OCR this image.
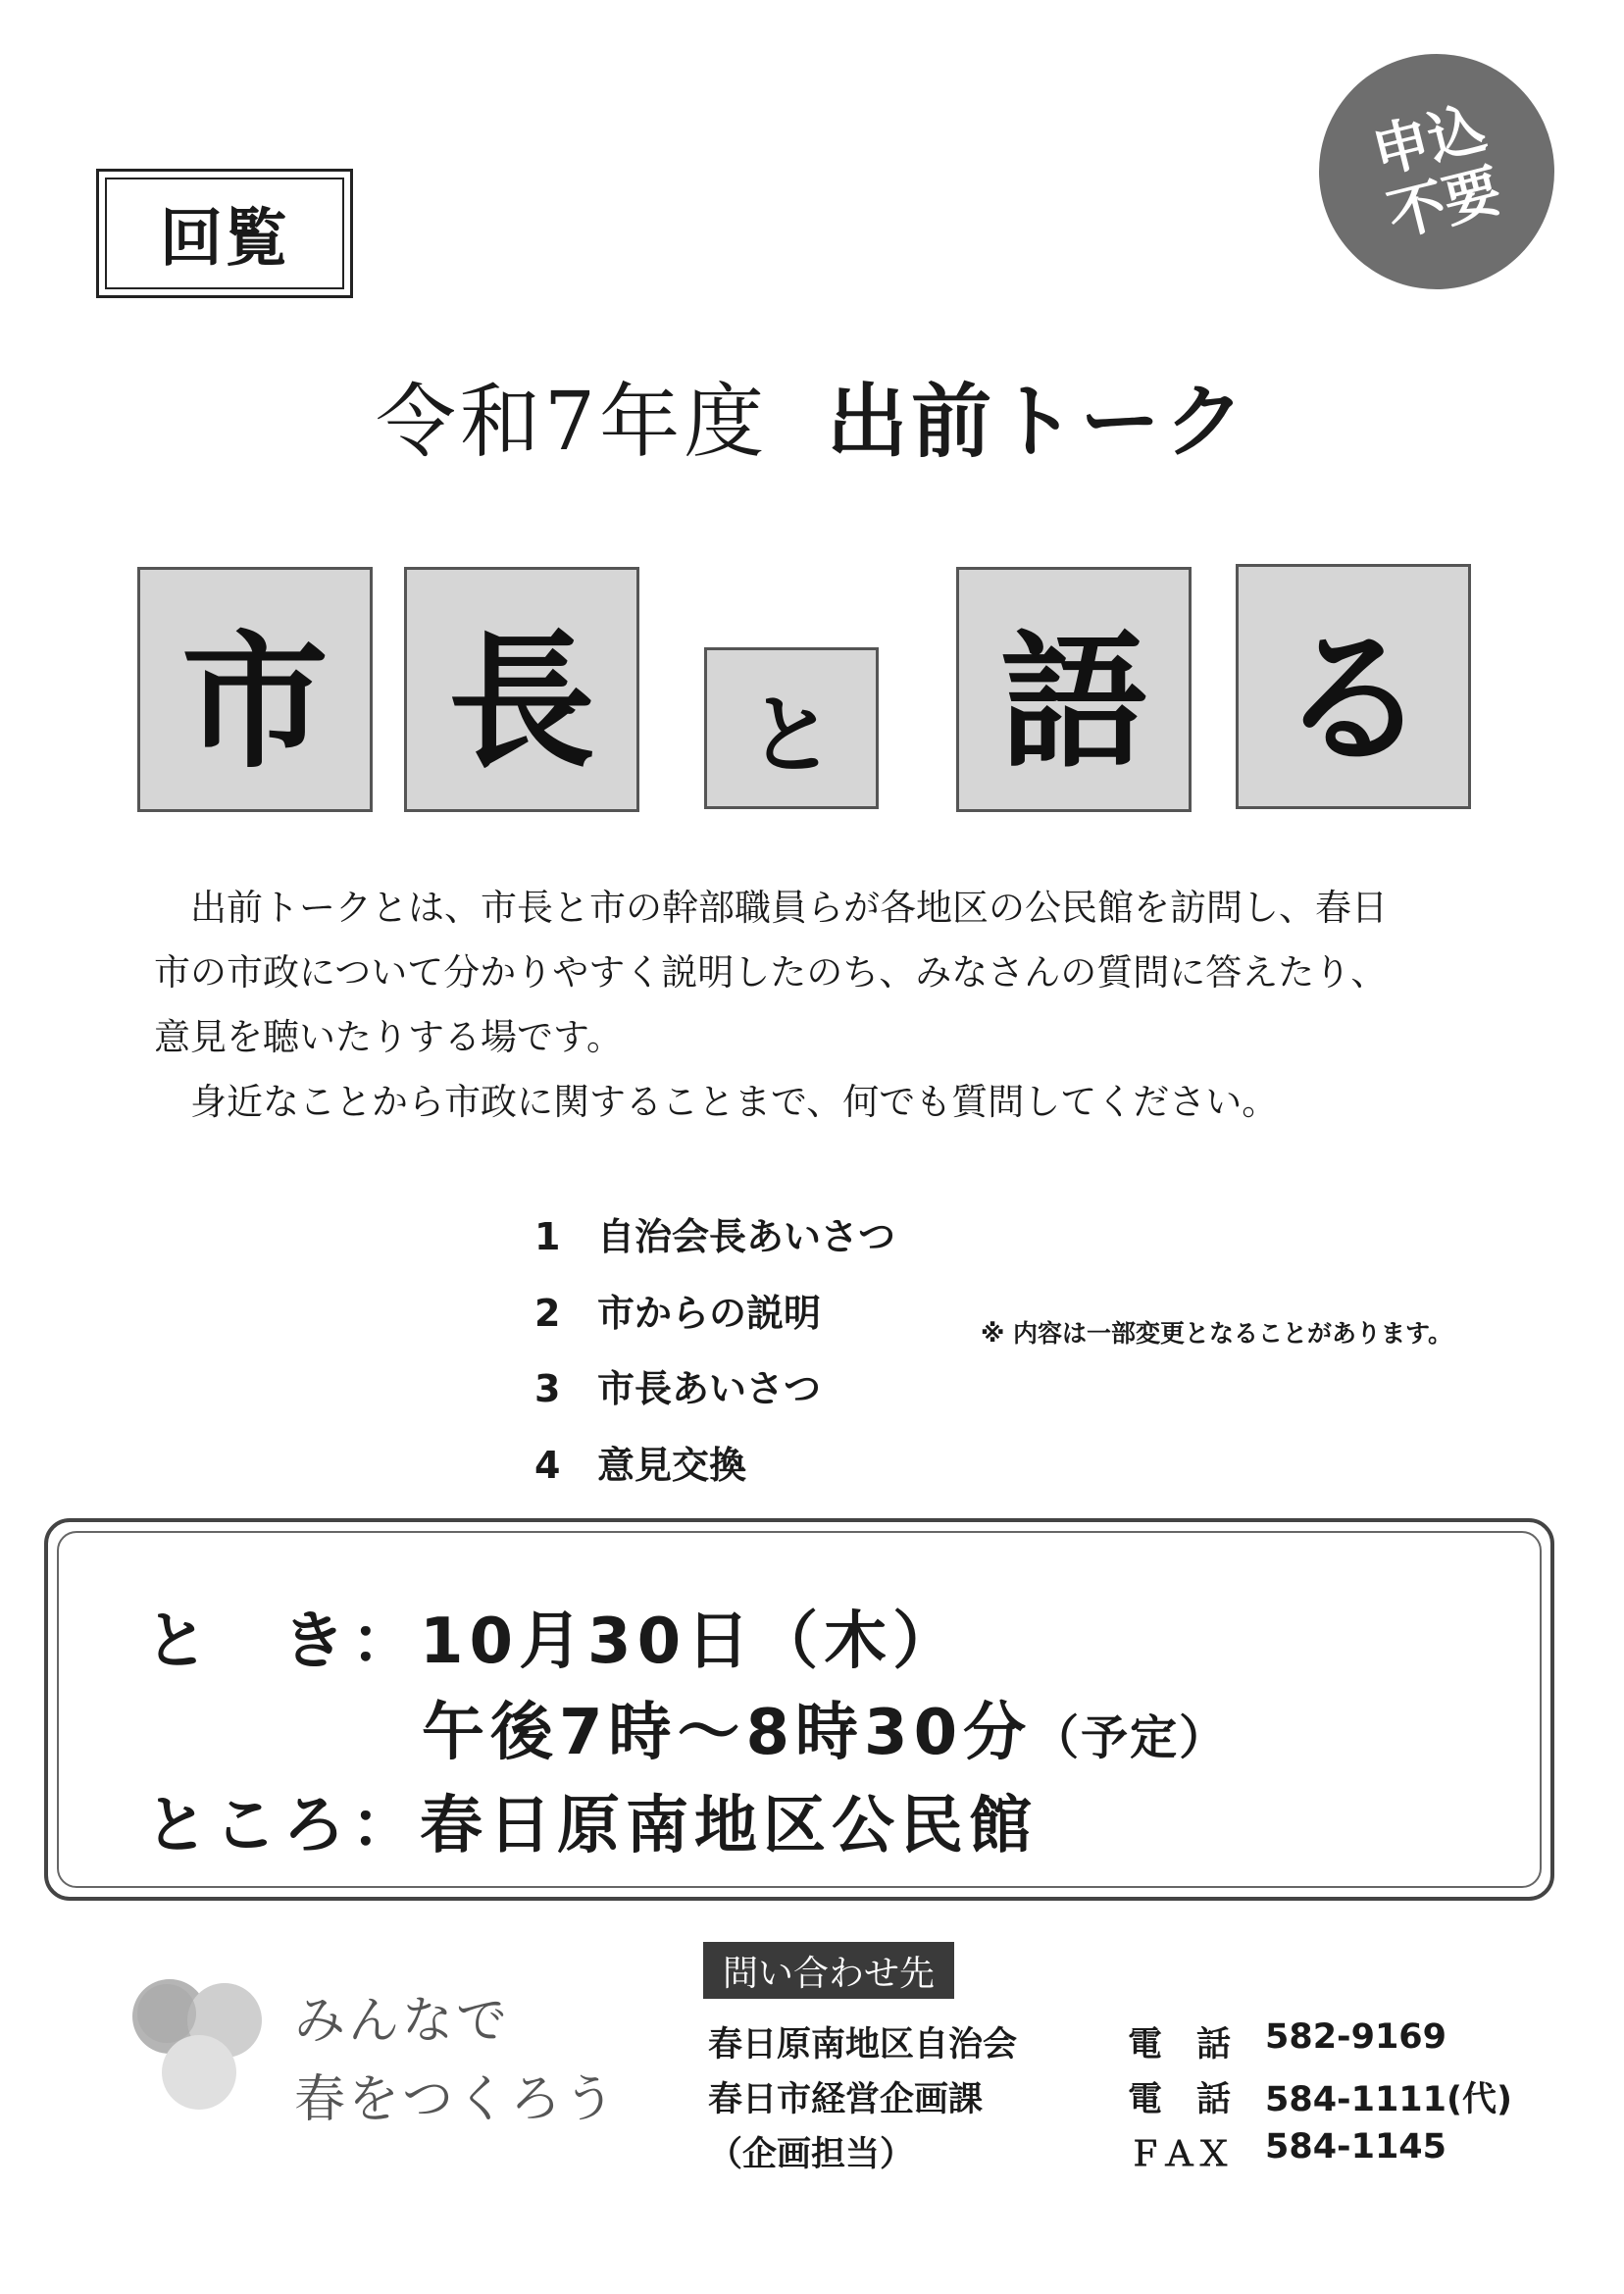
回覧
申込
不要
令和7年度 出前トーク
市 長	と	語 る

　出前トークとは、市長と市の幹部職員らが各地区の公民館を訪問し、春日

市の市政について分かりやすく説明したのち、みなさんの質問に答えたり、

意見を聴いたりする場です。

　身近なことから市政に関することまで、何でも質問してください。

1 自治会長あいさつ
2 市からの説明
3 市長あいさつ
4 意見交換
※ 内容は一部変更となることがあります。
と　き：10月30日（木）
午後7時～8時30分（予定）
ところ：春日原南地区公民館
みんなで
春をつくろう
問い合わせ先
春日原南地区自治会
春日市経営企画課
（企画担当）
電　話 582-9169
電　話 584-1111(代)
ＦＡＸ 584-1145
